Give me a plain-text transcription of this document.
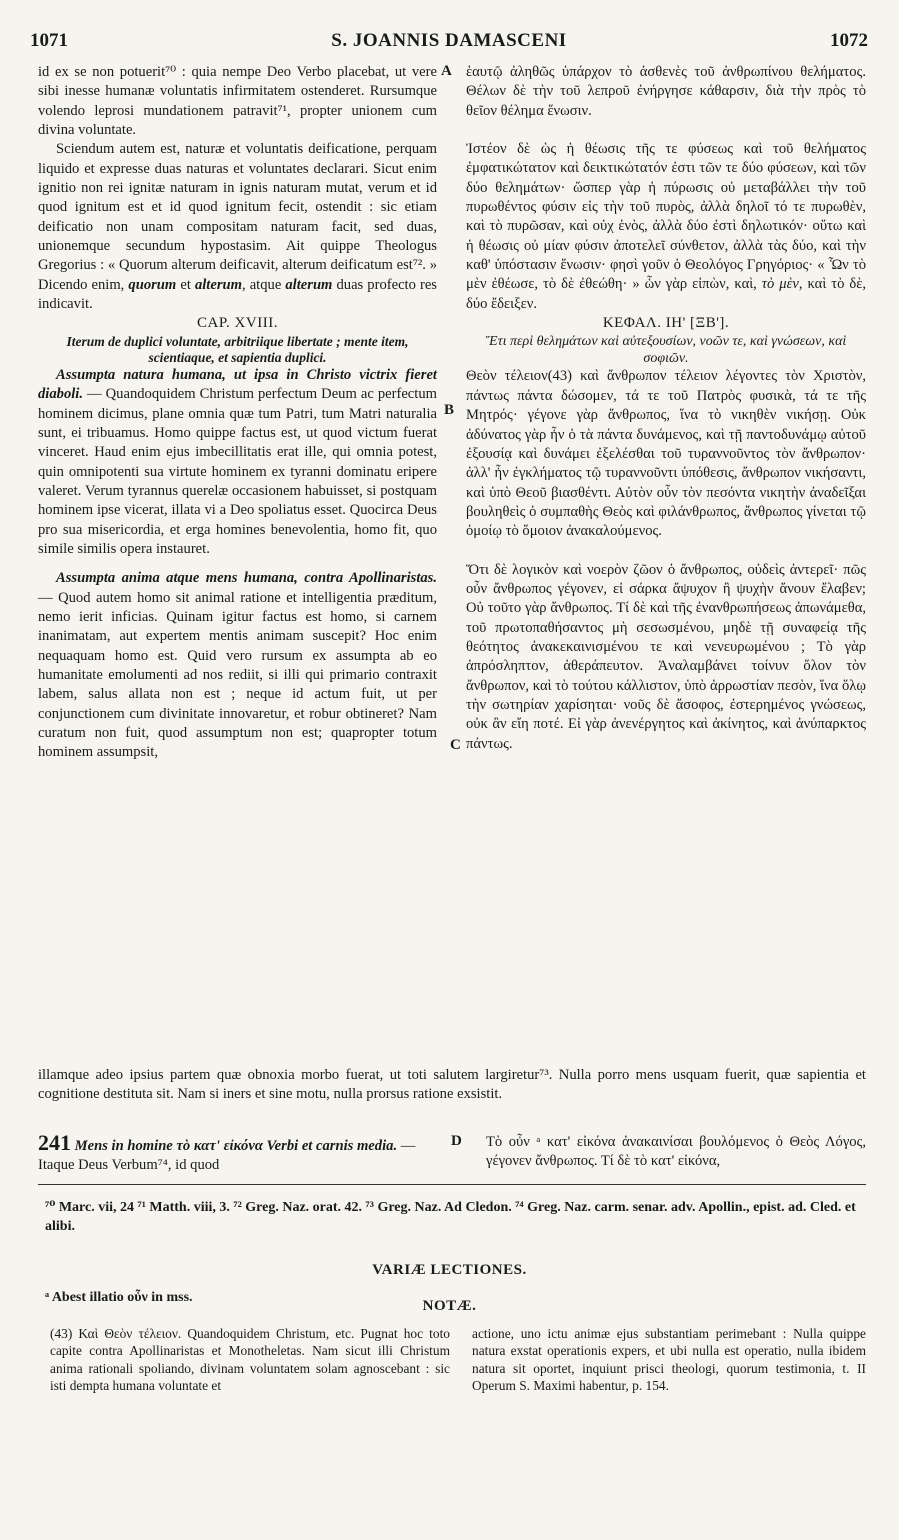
1071	S. JOANNIS DAMASCENI	1072

id ex se non potuerit⁷⁰ : quia nempe Deo Verbo placebat, ut vere sibi inesse humanæ voluntatis infirmitatem ostenderet. Rursumque volendo leprosi mundationem patravit⁷¹, propter unionem cum divina voluntate.

Sciendum autem est, naturæ et voluntatis deificatione, perquam liquido et expresse duas naturas et voluntates declarari. Sicut enim ignitio non rei ignitæ naturam in ignis naturam mutat, verum et id quod ignitum est et id quod ignitum fecit, ostendit : sic etiam deificatio non unam compositam naturam facit, sed duas, unionemque secundum hypostasim. Ait quippe Theologus Gregorius : « Quorum alterum deificavit, alterum deificatum est⁷². » Dicendo enim, quorum et alterum, atque alterum duas profecto res indicavit.

CAP. XVIII.

Iterum de duplici voluntate, arbitriique libertate ; mente item, scientiaque, et sapientia duplici.

Assumpta natura humana, ut ipsa in Christo victrix fieret diaboli. — Quandoquidem Christum perfectum Deum ac perfectum hominem dicimus, plane omnia quæ tum Patri, tum Matri naturalia sunt, ei tribuamus. Homo quippe factus est, ut quod victum fuerat vinceret. Haud enim ejus imbecillitatis erat ille, qui omnia potest, quin omnipotenti sua virtute hominem ex tyranni dominatu eripere valeret. Verum tyrannus querelæ occasionem habuisset, si postquam hominem ipse vicerat, illata vi a Deo spoliatus esset. Quocirca Deus pro sua misericordia, et erga homines benevolentia, homo fit, quo simile similis opera instauret.

Assumpta anima atque mens humana, contra Apollinaristas. — Quod autem homo sit animal ratione et intelligentia præditum, nemo ierit inficias. Quinam igitur factus est homo, si carnem inanimatam, aut expertem mentis animam suscepit? Hoc enim nequaquam homo est. Quid vero rursum ex assumpta ab eo humanitate emolumenti ad nos rediit, si illi qui primario contraxit labem, salus allata non est ; neque id actum fuit, ut per conjunctionem cum divinitate innovaretur, et robur obtineret? Nam curatum non fuit, quod assumptum non est; quapropter totum hominem assumpsit,

ἑαυτῷ ἀληθῶς ὑπάρχον τὸ ἀσθενὲς τοῦ ἀνθρωπίνου θελήματος. Θέλων δὲ τὴν τοῦ λεπροῦ ἐνήργησε κάθαρσιν, διὰ τὴν πρὸς τὸ θεῖον θέλημα ἕνωσιν.

Ἰστέον δὲ ὡς ἡ θέωσις τῆς τε φύσεως καὶ τοῦ θελήματος ἐμφατικώτατον καὶ δεικτικώτατόν ἐστι τῶν τε δύο φύσεων, καὶ τῶν δύο θελημάτων· ὥσπερ γὰρ ἡ πύρωσις οὐ μεταβάλλει τὴν τοῦ πυρωθέντος φύσιν εἰς τὴν τοῦ πυρὸς, ἀλλὰ δηλοῖ τό τε πυρωθὲν, καὶ τὸ πυρῶσαν, καὶ οὐχ ἑνὸς, ἀλλὰ δύο ἐστὶ δηλωτικόν· οὕτω καὶ ἡ θέωσις οὐ μίαν φύσιν ἀποτελεῖ σύνθετον, ἀλλὰ τὰς δύο, καὶ τὴν καθ' ὑπόστασιν ἕνωσιν· φησὶ γοῦν ὁ Θεολόγος Γρηγόριος· « Ὧν τὸ μὲν ἐθέωσε, τὸ δὲ ἐθεώθη· » ὧν γὰρ εἰπὼν, καὶ, τὸ μὲν, καὶ τὸ δὲ, δύο ἔδειξεν.

ΚΕΦΑΛ. ΙΗ' [ΞΒ'].

Ἔτι περὶ θελημάτων καὶ αὐτεξουσίων, νοῶν τε, καὶ γνώσεων, καὶ σοφιῶν.

Θεὸν τέλειον(43) καὶ ἄνθρωπον τέλειον λέγοντες τὸν Χριστὸν, πάντως πάντα δώσομεν, τά τε τοῦ Πατρὸς φυσικὰ, τά τε τῆς Μητρός· γέγονε γὰρ ἄνθρωπος, ἵνα τὸ νικηθὲν νικήσῃ. Οὐκ ἀδύνατος γὰρ ἦν ὁ τὰ πάντα δυνάμενος, καὶ τῇ παντοδυνάμῳ αὐτοῦ ἐξουσίᾳ καὶ δυνάμει ἐξελέσθαι τοῦ τυραννοῦντος τὸν ἄνθρωπον· ἀλλ' ἦν ἐγκλήματος τῷ τυραννοῦντι ὑπόθεσις, ἄνθρωπον νικήσαντι, καὶ ὑπὸ Θεοῦ βιασθέντι. Αὐτὸν οὖν τὸν πεσόντα νικητὴν ἀναδεῖξαι βουληθεὶς ὁ συμπαθὴς Θεὸς καὶ φιλάνθρωπος, ἄνθρωπος γίνεται τῷ ὁμοίῳ τὸ ὅμοιον ἀνακαλούμενος.

Ὅτι δὲ λογικὸν καὶ νοερὸν ζῶον ὁ ἄνθρωπος, οὐδεὶς ἀντερεῖ· πῶς οὖν ἄνθρωπος γέγονεν, εἰ σάρκα ἄψυχον ἢ ψυχὴν ἄνουν ἔλαβεν; Οὐ τοῦτο γὰρ ἄνθρωπος. Τί δὲ καὶ τῆς ἐνανθρωπήσεως ἀπωνάμεθα, τοῦ πρωτοπαθήσαντος μὴ σεσωσμένου, μηδὲ τῇ συναφείᾳ τῆς θεότητος ἀνακεκαινισμένου τε καὶ νενευρωμένου ; Τὸ γὰρ ἀπρόσληπτον, ἀθεράπευτον. Ἀναλαμβάνει τοίνυν ὅλον τὸν ἄνθρωπον, καὶ τὸ τούτου κάλλιστον, ὑπὸ ἀρρωστίαν πεσὸν, ἵνα ὅλῳ τὴν σωτηρίαν χαρίσηται· νοῦς δὲ ἄσοφος, ἐστερημένος γνώσεως, οὐκ ἂν εἴη ποτέ. Εἰ γὰρ ἀνενέργητος καὶ ἀκίνητος, καὶ ἀνύπαρκτος πάντως.

A
B
C
D
illamque adeo ipsius partem quæ obnoxia morbo fuerat, ut toti salutem largiretur⁷³. Nulla porro mens usquam fuerit, quæ sapientia et cognitione destituta sit. Nam si iners et sine motu, nulla prorsus ratione exsistit.
241 Mens in homine τὸ κατ' εἰκόνα Verbi et carnis media. — Itaque Deus Verbum⁷⁴, id quod
Τὸ οὖν ᵃ κατ' εἰκόνα ἀνακαινίσαι βουλόμενος ὁ Θεὸς Λόγος, γέγονεν ἄνθρωπος. Τί δὲ τὸ κατ' εἰκόνα,
⁷⁰ Marc. vii, 24 ⁷¹ Matth. viii, 3. ⁷² Greg. Naz. orat. 42. ⁷³ Greg. Naz. Ad Cledon. ⁷⁴ Greg. Naz. carm. senar. adv. Apollin., epist. ad. Cled. et alibi.
VARIÆ LECTIONES.
ᵃ Abest illatio οὖν in mss.
NOTÆ.
(43) Καὶ Θεὸν τέλειον. Quandoquidem Christum, etc. Pugnat hoc toto capite contra Apollinaristas et Monotheletas. Nam sicut illi Christum anima rationali spoliando, divinam voluntatem solam agnoscebant : sic isti dempta humana voluntate et
actione, uno ictu animæ ejus substantiam perimebant : Nulla quippe natura exstat operationis expers, et ubi nulla est operatio, nulla ibidem natura sit oportet, inquiunt prisci theologi, quorum testimonia, t. II Operum S. Maximi habentur, p. 154.
